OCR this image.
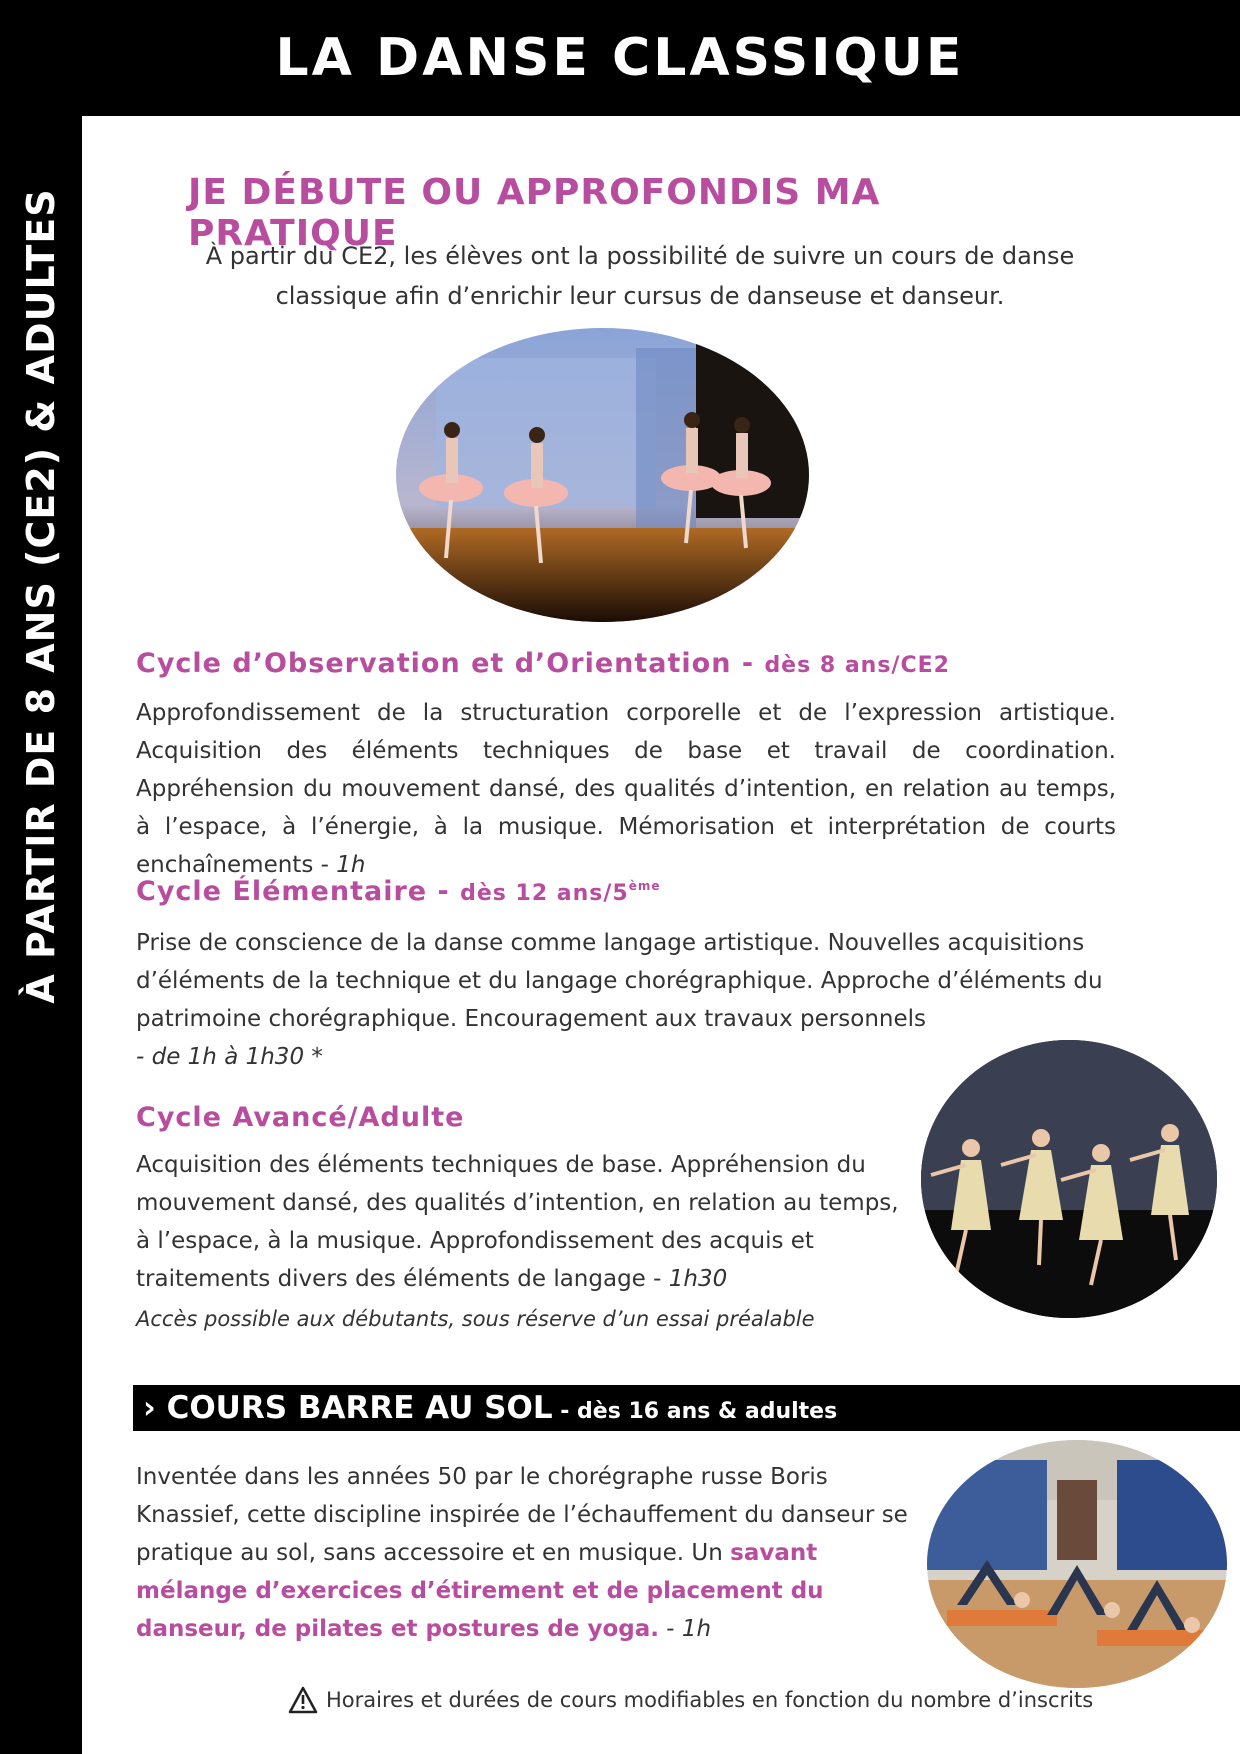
LA DANSE CLASSIQUE
À PARTIR DE 8 ANS (CE2) & ADULTES	JE DÉBUTE OU APPROFONDIS MA PRATIQUE
À partir du CE2, les élèves ont la possibilité de suivre un cours de danse
classique afin d’enrichir leur cursus de danseuse et danseur.
Cycle d’Observation et d’Orientation - dès 8 ans/CE2
Approfondissement de la structuration corporelle et de l’expression artistique. Acquisition des éléments techniques de base et travail de coordination. Appréhension du mouvement dansé, des qualités d’intention, en relation au temps, à l’espace, à l’énergie, à la musique. Mémorisation et interprétation de courts enchaînements - 1h
Cycle Élémentaire - dès 12 ans/5ème
Prise de conscience de la danse comme langage artistique. Nouvelles acquisitions d’éléments de la technique et du langage chorégraphique. Approche d’éléments du patrimoine chorégraphique. Encouragement aux travaux personnels
- de 1h à 1h30 *
Cycle Avancé/Adulte
Acquisition des éléments techniques de base. Appréhension du mouvement dansé, des qualités d’intention, en relation au temps, à l’espace, à la musique. Approfondissement des acquis et traitements divers des éléments de langage - 1h30
Accès possible aux débutants, sous réserve d’un essai préalable
› COURS BARRE AU SOL - dès 16 ans & adultes
Inventée dans les années 50 par le chorégraphe russe Boris Knassief, cette discipline inspirée de l’échauffement du danseur se pratique au sol, sans accessoire et en musique. Un savant mélange d’exercices d’étirement et de placement du danseur, de pilates et postures de yoga. - 1h
Horaires et durées de cours modifiables en fonction du nombre d’inscrits
